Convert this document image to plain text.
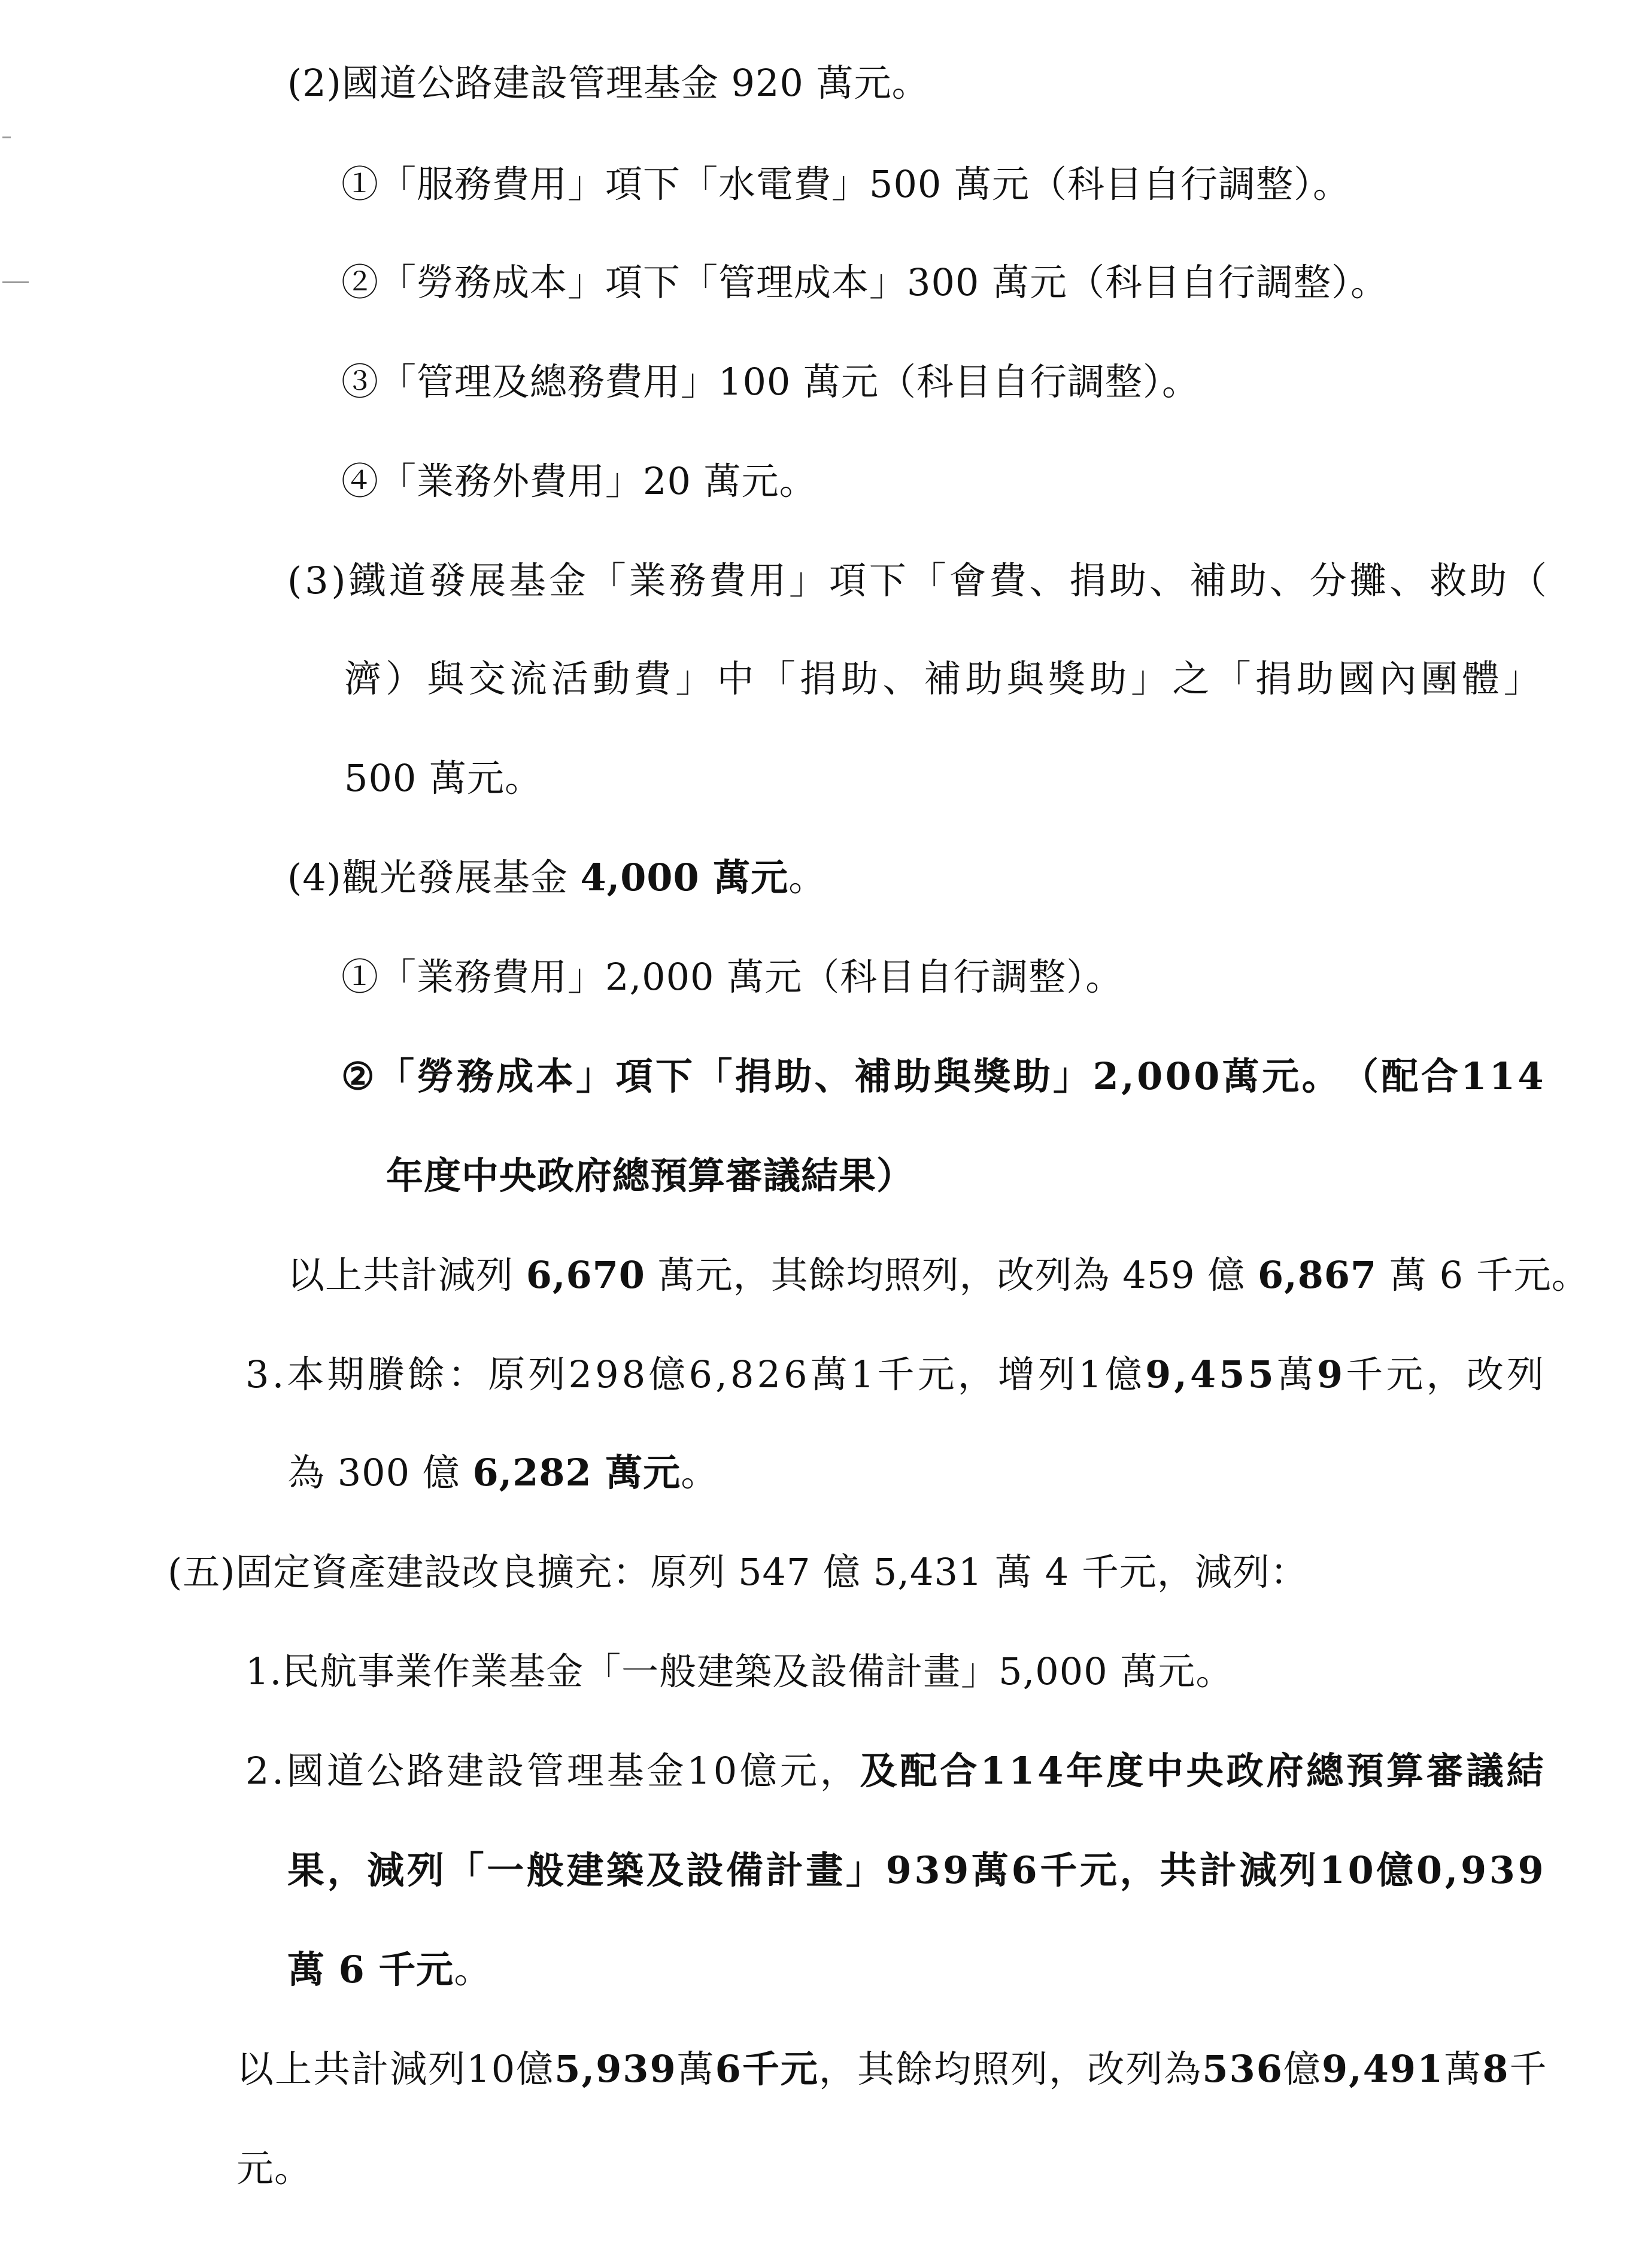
(2)國道公路建設管理基金 920 萬元。

①「服務費用」項下「水電費」500 萬元（科目自行調整）。

②「勞務成本」項下「管理成本」300 萬元（科目自行調整）。

③「管理及總務費用」100 萬元（科目自行調整）。

④「業務外費用」20 萬元。

( 3 ) 鐵 道 發 展 基 金 「 業 務 費 用 」 項 下 「 會 費 、 捐 助 、 補 助 、 分 攤 、 救 助 （

濟 ） 與 交 流 活 動 費 」 中 「 捐 助 、 補 助 與 獎 助 」 之 「 捐 助 國 內 團 體 」

500 萬元。

(4)觀光發展基金 4,000 萬元。

①「業務費用」2,000 萬元（科目自行調整）。

② 「 勞 務 成 本 」 項 下 「 捐 助 、 補 助 與 獎 助 」 2 , 0 0 0 萬 元 。 （ 配 合 1 1 4

年度中央政府總預算審議結果）

以上共計減列 6,670 萬元，其餘均照列，改列為 459 億 6,867 萬 6 千元。

3 . 本 期 賸 餘 ： 原 列 2 9 8 億 6 , 8 2 6 萬 1 千 元 ， 增 列 1 億 9 , 4 5 5 萬 9 千 元 ， 改 列

為 300 億 6,282 萬元。

(五)固定資產建設改良擴充：原列 547 億 5,431 萬 4 千元，減列：

1.民航事業作業基金「一般建築及設備計畫」5,000 萬元。

2 . 國 道 公 路 建 設 管 理 基 金 1 0 億 元 ， 及 配 合 1 1 4 年 度 中 央 政 府 總 預 算 審 議 結

果 ， 減 列 「 一 般 建 築 及 設 備 計 畫 」 9 3 9 萬 6 千 元 ， 共 計 減 列 1 0 億 0 , 9 3 9

萬 6 千元。

以 上 共 計 減 列 1 0 億 5 , 9 3 9 萬 6 千 元 ， 其 餘 均 照 列 ， 改 列 為 5 3 6 億 9 , 4 9 1 萬 8 千

元。
